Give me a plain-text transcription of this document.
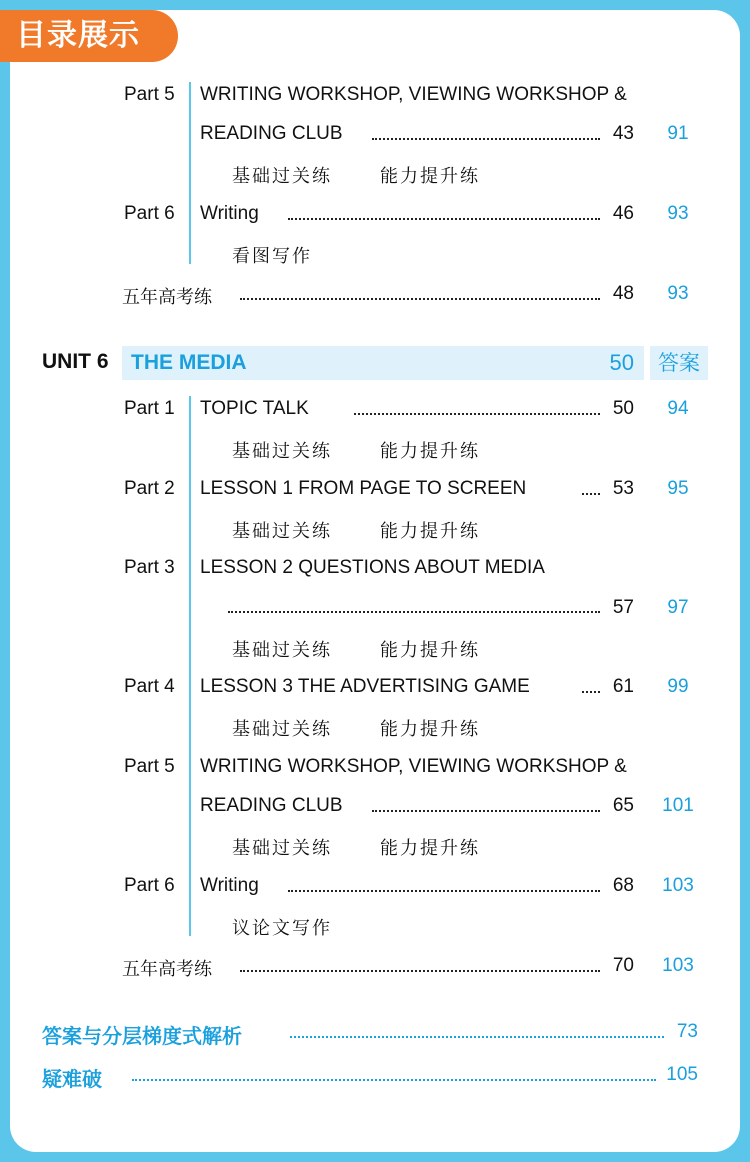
目录展示
Part 5 WRITING WORKSHOP, VIEWING WORKSHOP &
READING CLUB	43	91
基础过关练	能力提升练
Part 6 Writing	46	93
看图写作
五年高考练	48	93
UNIT 6 THE MEDIA	50	答案
Part 1 TOPIC TALK	50	94
基础过关练	能力提升练
Part 2 LESSON 1 FROM PAGE TO SCREEN	53	95
基础过关练	能力提升练
Part 3 LESSON 2 QUESTIONS ABOUT MEDIA
57	97
基础过关练	能力提升练
Part 4 LESSON 3 THE ADVERTISING GAME	61	99
基础过关练	能力提升练
Part 5 WRITING WORKSHOP, VIEWING WORKSHOP &
READING CLUB	65	101
基础过关练	能力提升练
Part 6 Writing	68	103
议论文写作
五年高考练	70	103
答案与分层梯度式解析	73
疑难破	105
